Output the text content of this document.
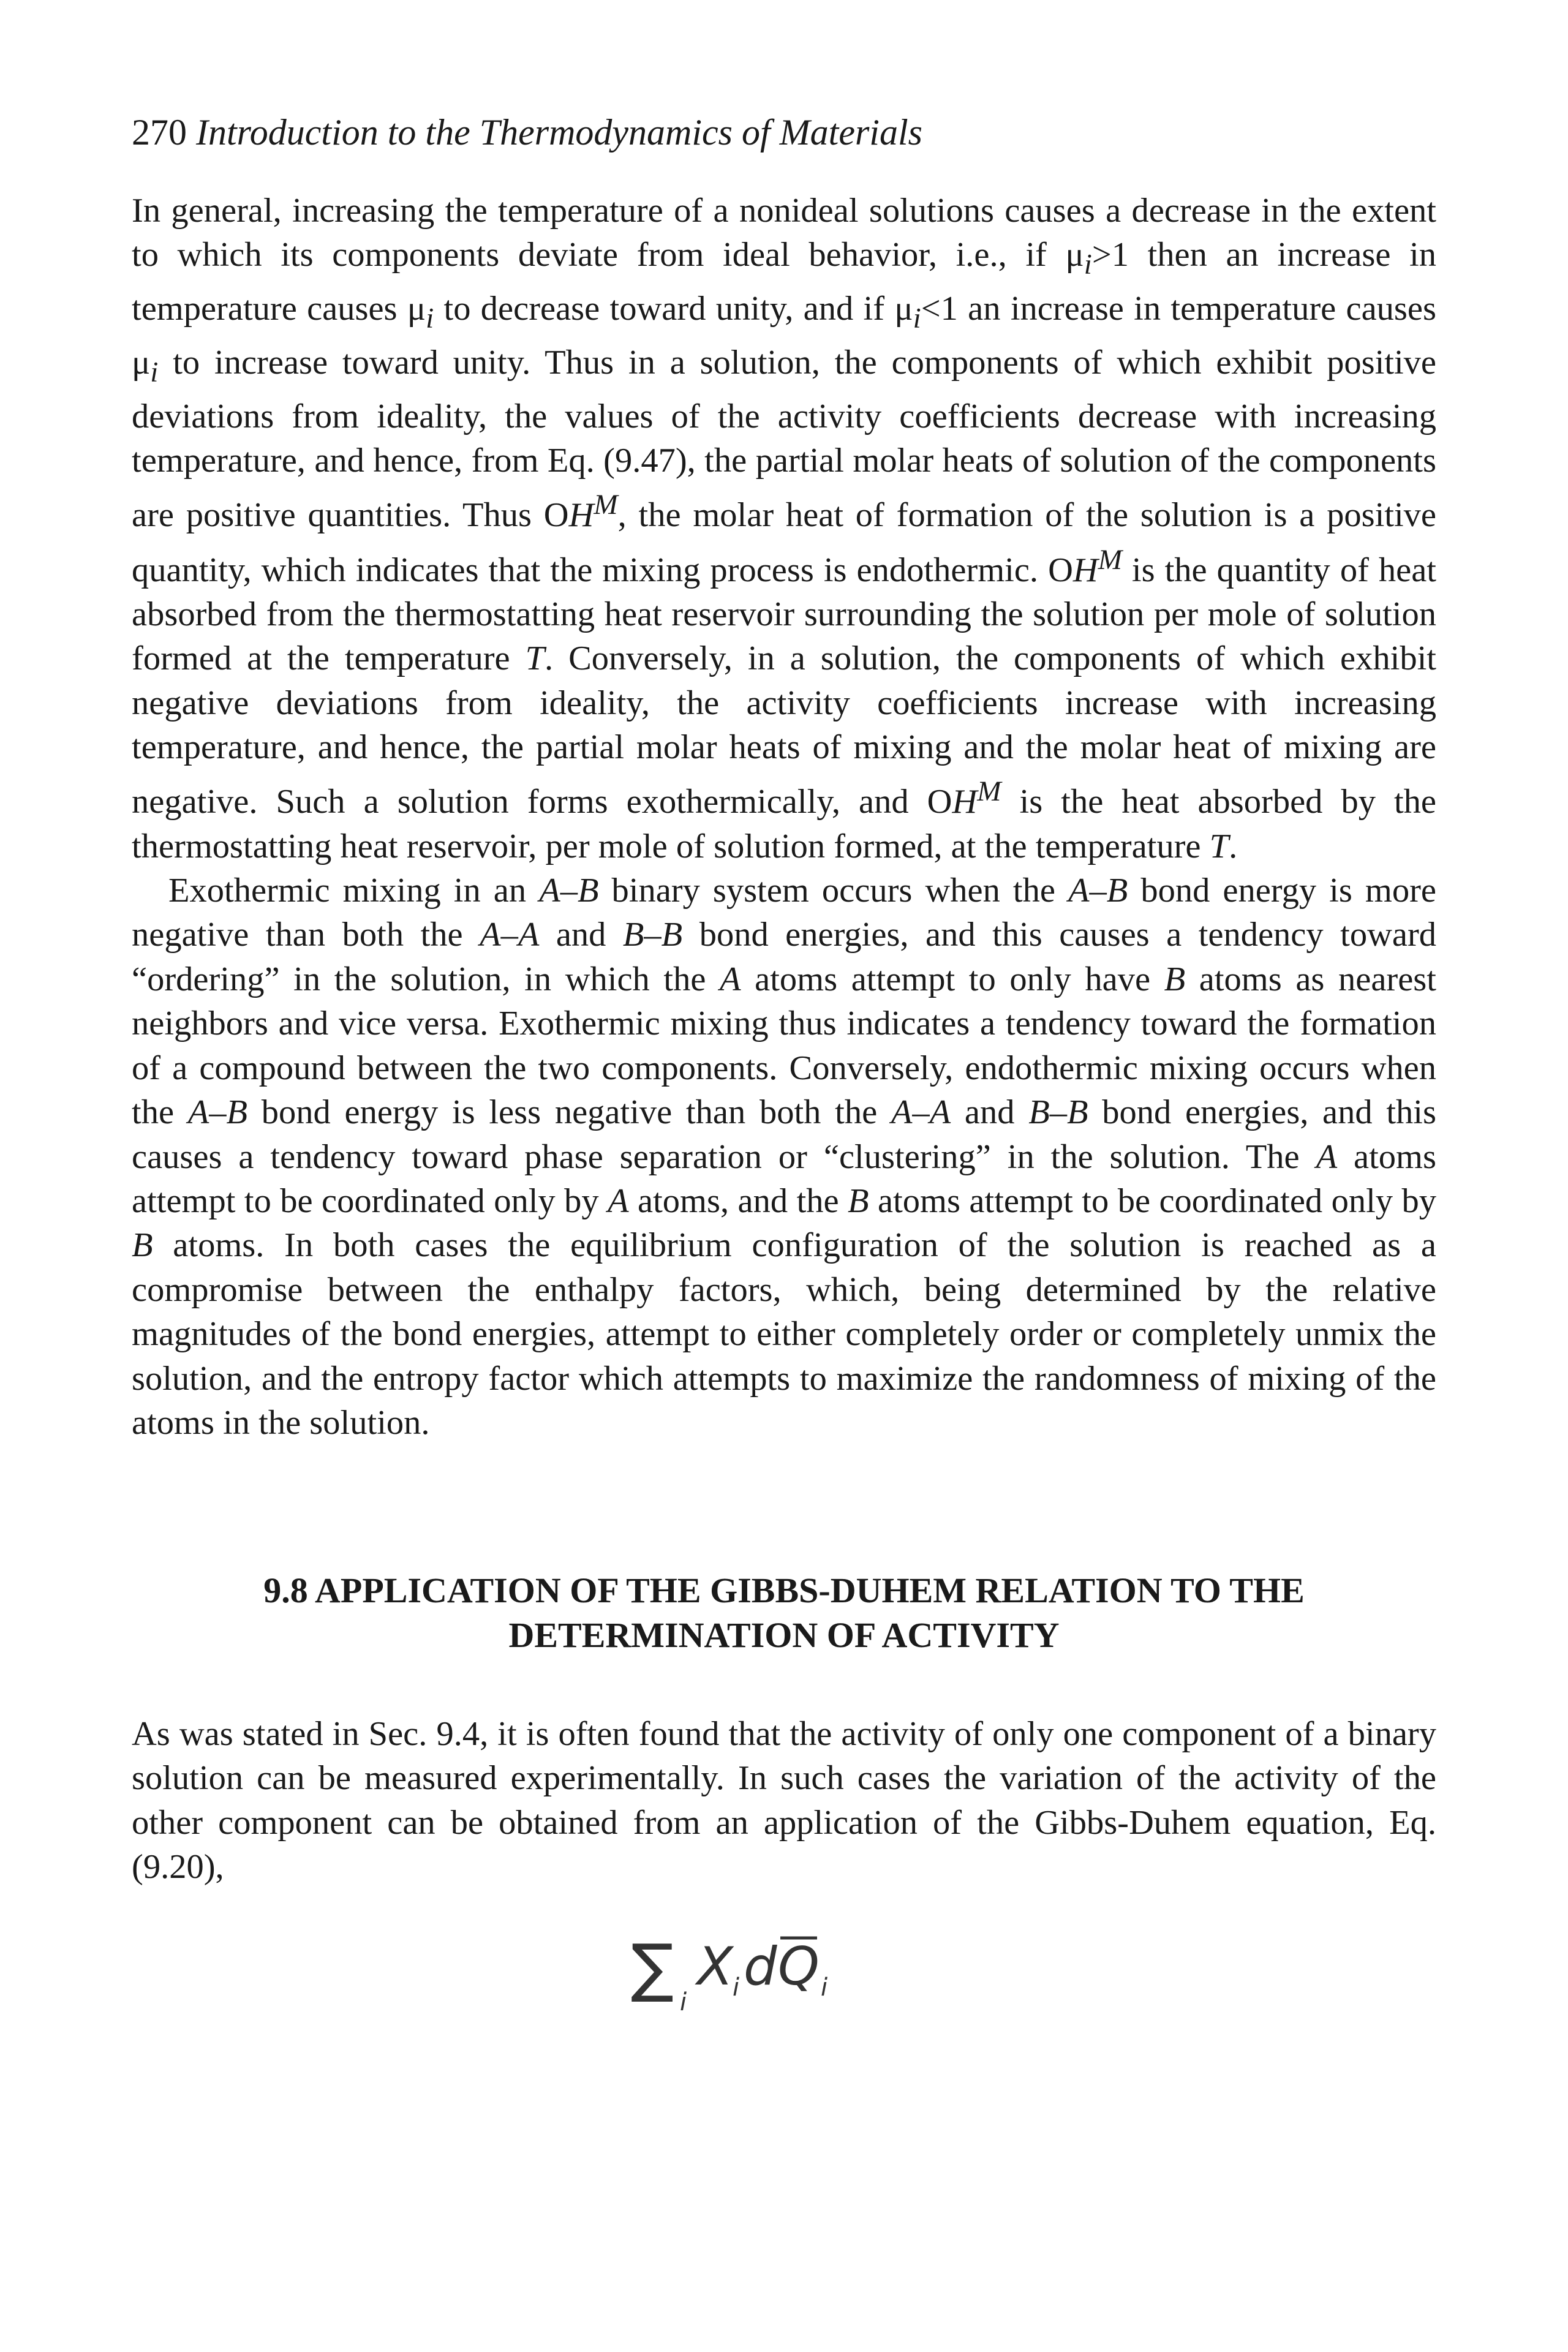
270 Introduction to the Thermodynamics of Materials

In general, increasing the temperature of a nonideal solutions causes a decrease in the extent to which its components deviate from ideal behavior, i.e., if $\mu_i>1$ then an increase in temperature causes $\mu_i$ to decrease toward unity, and if $\mu_i<1$ an increase in temperature causes $\mu_i$ to increase toward unity. Thus in a solution, the components of which exhibit positive deviations from ideality, the values of the activity coefficients decrease with increasing temperature, and hence, from Eq. (9.47), the partial molar heats of solution of the components are positive quantities. Thus $OH^M$, the molar heat of formation of the solution is a positive quantity, which indicates that the mixing process is endothermic. $OH^M$ is the quantity of heat absorbed from the thermostatting heat reservoir surrounding the solution per mole of solution formed at the temperature T. Conversely, in a solution, the components of which exhibit negative deviations from ideality, the activity coefficients increase with increasing temperature, and hence, the partial molar heats of mixing and the molar heat of mixing are negative. Such a solution forms exothermically, and $OH^M$ is the heat absorbed by the thermostatting heat reservoir, per mole of solution formed, at the temperature T.

Exothermic mixing in an A–B binary system occurs when the A–B bond energy is more negative than both the A–A and B–B bond energies, and this causes a tendency toward “ordering” in the solution, in which the A atoms attempt to only have B atoms as nearest neighbors and vice versa. Exothermic mixing thus indicates a tendency toward the formation of a compound between the two components. Conversely, endothermic mixing occurs when the A–B bond energy is less negative than both the A–A and B–B bond energies, and this causes a tendency toward phase separation or “clustering” in the solution. The A atoms attempt to be coordinated only by A atoms, and the B atoms attempt to be coordinated only by B atoms. In both cases the equilibrium configuration of the solution is reached as a compromise between the enthalpy factors, which, being determined by the relative magnitudes of the bond energies, attempt to either completely order or completely unmix the solution, and the entropy factor which attempts to maximize the randomness of mixing of the atoms in the solution.

9.8 APPLICATION OF THE GIBBS-DUHEM RELATION TO THE
DETERMINATION OF ACTIVITY

As was stated in Sec. 9.4, it is often found that the activity of only one component of a binary solution can be measured experimentally. In such cases the variation of the activity of the other component can be obtained from an application of the Gibbs-Duhem equation, Eq. (9.20),

∑ i
X i d Q i
